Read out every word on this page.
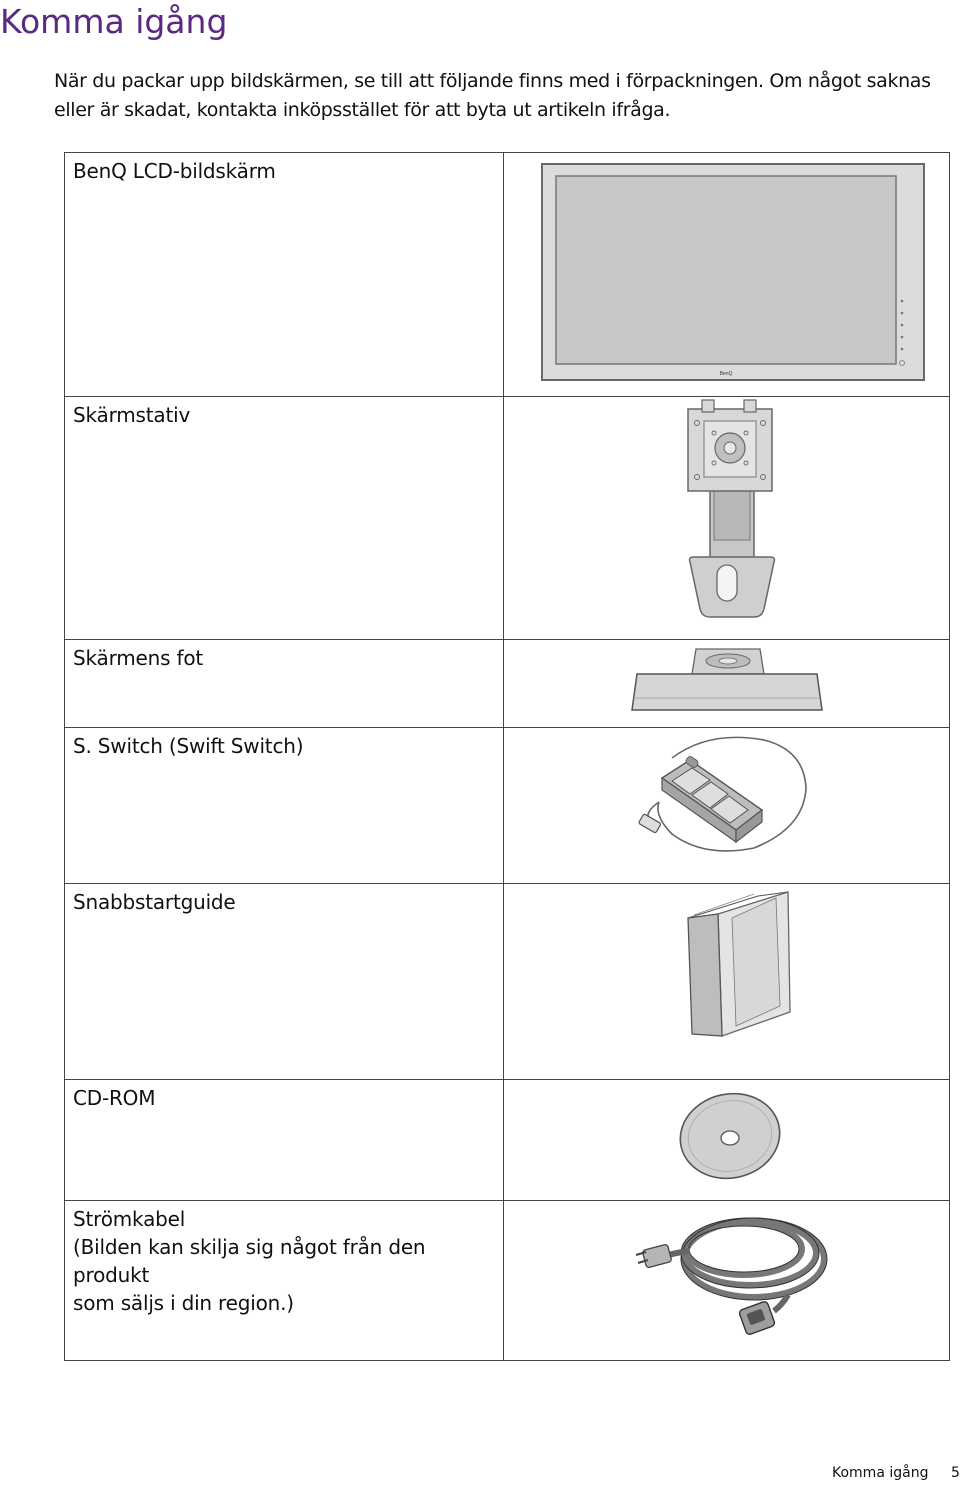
Komma igång

När du packar upp bildskärmen, se till att följande finns med i förpackningen. Om något saknas eller är skadat, kontakta inköpsstället för att byta ut artikeln ifråga.

BenQ LCD-bildskärm	BenQ

Skärmstativ

Skärmens fot

S. Switch (Swift Switch)

Snabbstartguide

CD-ROM

Strömkabel
(Bilden kan skilja sig något från den produkt
som säljs i din region.)

Komma igång 5
